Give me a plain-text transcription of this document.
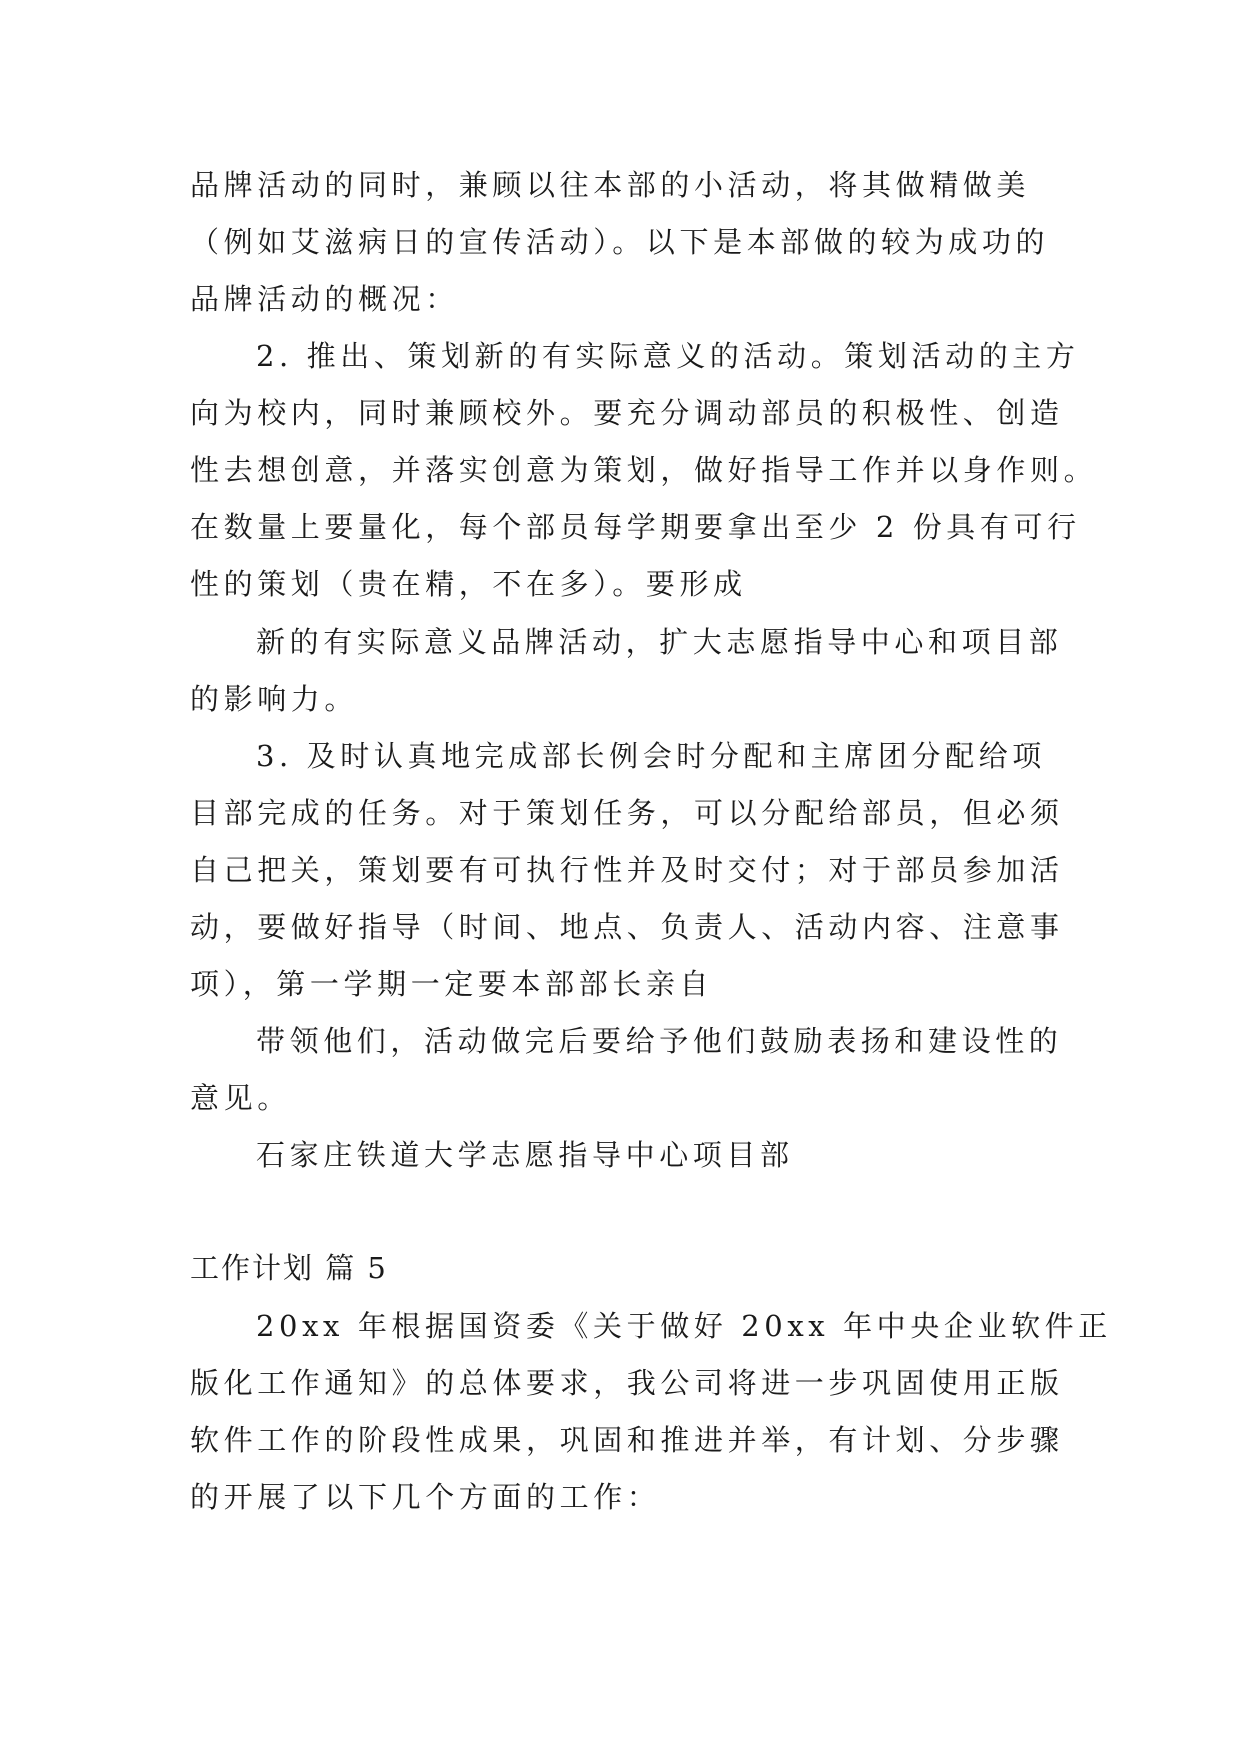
品牌活动的同时，兼顾以往本部的小活动，将其做精做美
（例如艾滋病日的宣传活动）。以下是本部做的较为成功的
品牌活动的概况：
2. 推出、策划新的有实际意义的活动。策划活动的主方
向为校内，同时兼顾校外。要充分调动部员的积极性、创造
性去想创意，并落实创意为策划，做好指导工作并以身作则。
在数量上要量化，每个部员每学期要拿出至少 2 份具有可行
性的策划（贵在精，不在多）。要形成
新的有实际意义品牌活动，扩大志愿指导中心和项目部
的影响力。
3. 及时认真地完成部长例会时分配和主席团分配给项
目部完成的任务。对于策划任务，可以分配给部员，但必须
自己把关，策划要有可执行性并及时交付；对于部员参加活
动，要做好指导（时间、地点、负责人、活动内容、注意事
项），第一学期一定要本部部长亲自
带领他们，活动做完后要给予他们鼓励表扬和建设性的
意见。
石家庄铁道大学志愿指导中心项目部
工作计划 篇 5
20xx 年根据国资委《关于做好 20xx 年中央企业软件正
版化工作通知》的总体要求，我公司将进一步巩固使用正版
软件工作的阶段性成果，巩固和推进并举，有计划、分步骤
的开展了以下几个方面的工作：
